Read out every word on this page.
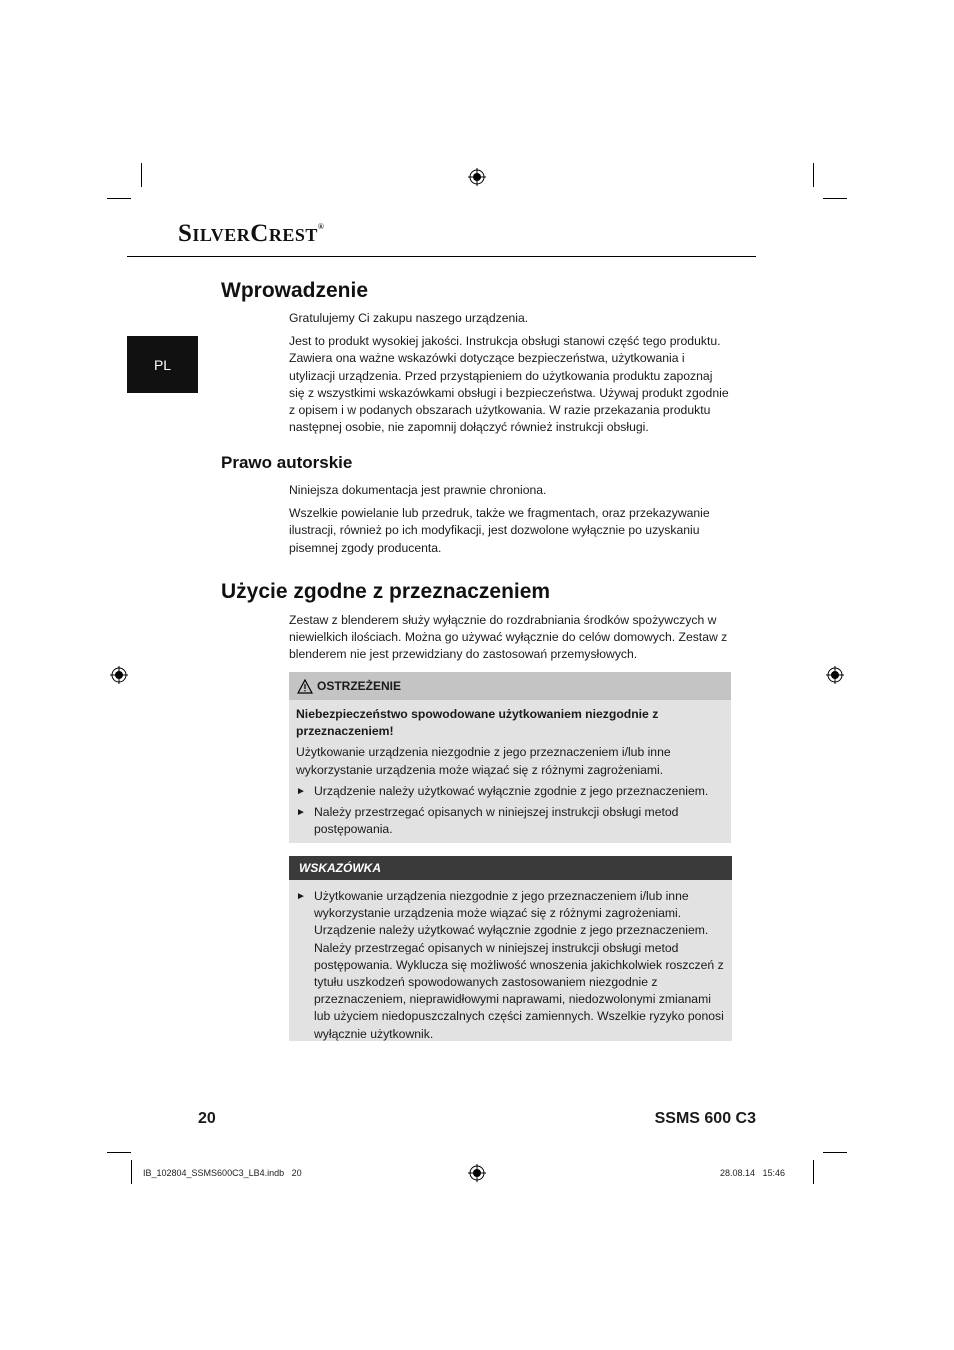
SilverCrest®
PL
Wprowadzenie

Gratulujemy Ci zakupu naszego urządzenia.

Jest to produkt wysokiej jakości. Instrukcja obsługi stanowi część tego produktu. Zawiera ona ważne wskazówki dotyczące bezpieczeństwa, użytkowania i utylizacji urządzenia. Przed przystąpieniem do użytkowania produktu zapoznaj się z wszystkimi wskazówkami obsługi i bezpieczeństwa. Używaj produkt zgodnie z opisem i w podanych obszarach użytkowania. W razie przekazania produktu następnej osobie, nie zapomnij dołączyć również instrukcji obsługi.

Prawo autorskie

Niniejsza dokumentacja jest prawnie chroniona.

Wszelkie powielanie lub przedruk, także we fragmentach, oraz przekazywanie ilustracji, również po ich modyfikacji, jest dozwolone wyłącznie po uzyskaniu pisemnej zgody producenta.

Użycie zgodne z przeznaczeniem

Zestaw z blenderem służy wyłącznie do rozdrabniania środków spożywczych w niewielkich ilościach. Można go używać wyłącznie do celów domowych. Zestaw z blenderem nie jest przewidziany do zastosowań przemysłowych.

OSTRZEŻENIE
Niebezpieczeństwo spowodowane użytkowaniem niezgodnie z przeznaczeniem!
Użytkowanie urządzenia niezgodnie z jego przeznaczeniem i/lub inne wykorzystanie urządzenia może wiązać się z różnymi zagrożeniami.
► Urządzenie należy użytkować wyłącznie zgodnie z jego przeznaczeniem.
► Należy przestrzegać opisanych w niniejszej instrukcji obsługi metod postępowania.
WSKAZÓWKA
► Użytkowanie urządzenia niezgodnie z jego przeznaczeniem i/lub inne wykorzystanie urządzenia może wiązać się z różnymi zagrożeniami. Urządzenie należy użytkować wyłącznie zgodnie z jego przeznaczeniem. Należy przestrzegać opisanych w niniejszej instrukcji obsługi metod postępowania. Wyklucza się możliwość wnoszenia jakichkolwiek roszczeń z tytułu uszkodzeń spowodowanych zastosowaniem niezgodnie z przeznaczeniem, nieprawidłowymi naprawami, niedozwolonymi zmianami lub użyciem niedopuszczalnych części zamiennych. Wszelkie ryzyko ponosi wyłącznie użytkownik.
20	SSMS 600 C3
IB_102804_SSMS600C3_LB4.indb   20	28.08.14   15:46
